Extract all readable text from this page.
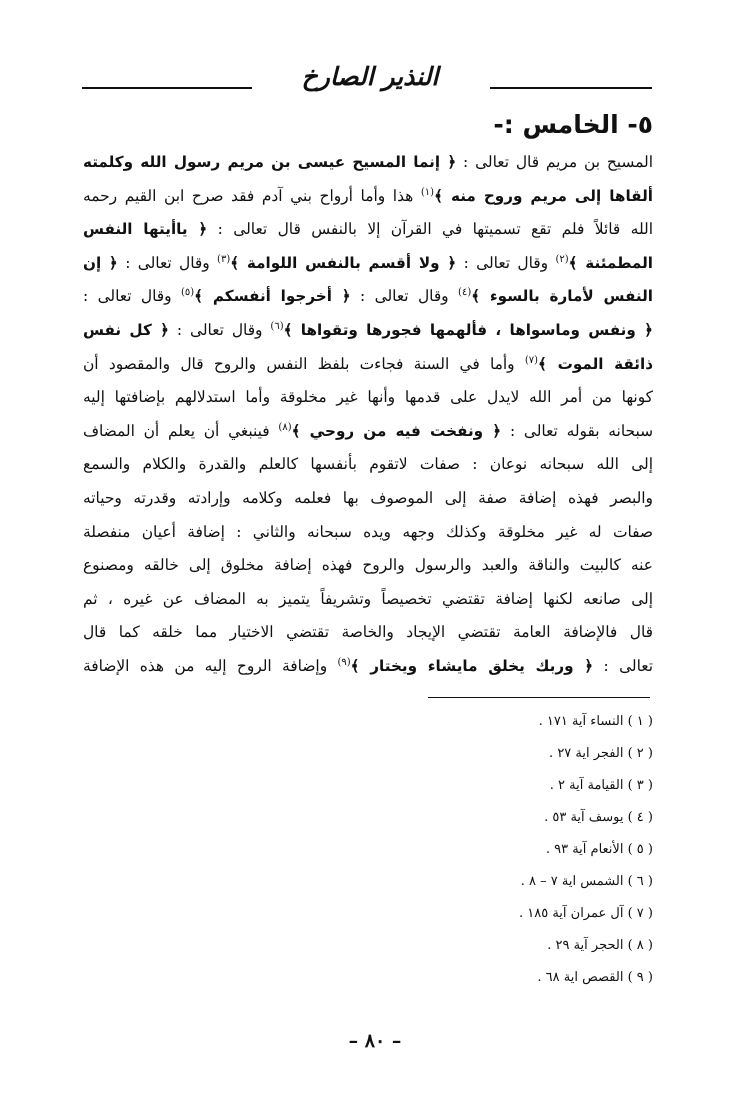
النذير الصارخ
٥- الخامس :-
المسيح بن مريم قال تعالى : ﴿ إنما المسيح عيسى بن مريم رسول الله وكلمته
ألقاها إلى مريم وروح منه ﴾$^{(١)}$ هذا وأما أرواح بني آدم فقد صرح ابن القيم رحمه
الله قائلاً فلم تقع تسميتها في القرآن إلا بالنفس قال تعالى : ﴿ ياأيتها النفس
المطمئنة ﴾$^{(٢)}$ وقال تعالى : ﴿ ولا أقسم بالنفس اللوامة ﴾$^{(٣)}$ وقال تعالى : ﴿ إن
النفس لأمارة بالسوء ﴾$^{(٤)}$ وقال تعالى : ﴿ أخرجوا أنفسكم ﴾$^{(٥)}$ وقال تعالى :
﴿ ونفس وماسواها ، فألهمها فجورها وتقواها ﴾$^{(٦)}$ وقال تعالى : ﴿ كل نفس
ذائقة الموت ﴾$^{(٧)}$ وأما في السنة فجاءت بلفظ النفس والروح قال والمقصود أن
كونها من أمر الله لايدل على قدمها وأنها غير مخلوقة وأما استدلالهم بإضافتها إليه
سبحانه بقوله تعالى : ﴿ ونفخت فيه من روحي ﴾$^{(٨)}$ فينبغي أن يعلم أن المضاف
إلى الله سبحانه نوعان : صفات لاتقوم بأنفسها كالعلم والقدرة والكلام والسمع
والبصر فهذه إضافة صفة إلى الموصوف بها فعلمه وكلامه وإرادته وقدرته وحياته
صفات له غير مخلوقة وكذلك وجهه ويده سبحانه والثاني : إضافة أعيان منفصلة
عنه كالبيت والناقة والعبد والرسول والروح فهذه إضافة مخلوق إلى خالقه ومصنوع
إلى صانعه لكنها إضافة تقتضي تخصيصاً وتشريفاً يتميز به المضاف عن غيره ، ثم
قال فالإضافة العامة تقتضي الإيجاد والخاصة تقتضي الاختيار مما خلقه كما قال
تعالى : ﴿ وربك يخلق مايشاء ويختار ﴾$^{(٩)}$ وإضافة الروح إليه من هذه الإضافة
( ١ ) النساء آية ١٧١ .
( ٢ ) الفجر اية ٢٧ .
( ٣ ) القيامة آية ٢ .
( ٤ ) يوسف آية ٥٣ .
( ٥ ) الأنعام آية ٩٣ .
( ٦ ) الشمس اية ٧ – ٨ .
( ٧ ) آل عمران آية ١٨٥ .
( ٨ ) الحجر آية ٢٩ .
( ٩ ) القصص اية ٦٨ .
– ٨٠ –
